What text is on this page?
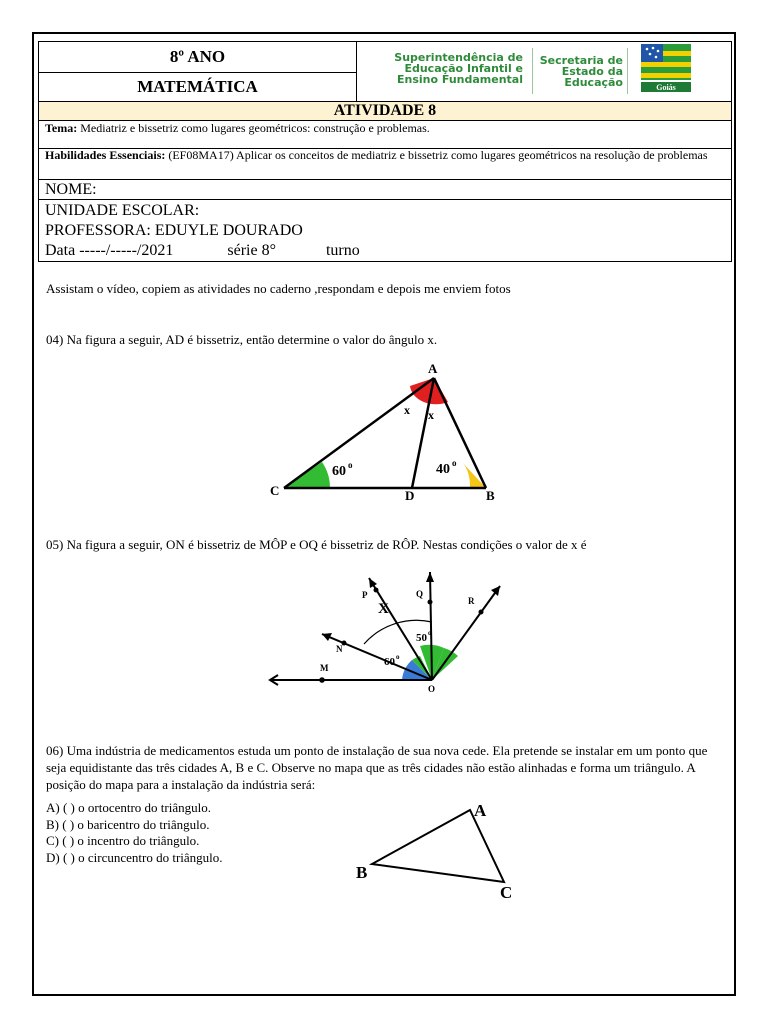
8º ANO	Superintendência de
Educação Infantil e
Ensino Fundamental
Secretaria de
Estado da
Educação	Goiás

MATEMÁTICA
ATIVIDADE 8
Tema: Mediatriz e bissetriz como lugares geométricos: construção e problemas.
Habilidades Essenciais: (EF08MA17) Aplicar os conceitos de mediatriz e bissetriz como lugares geométricos na resolução de problemas
NOME:

UNIDADE ESCOLAR:
PROFESSORA: EDUYLE DOURADO
Data -----/-----/2021	série 8°	turno
Assistam o vídeo, copiem as atividades no caderno ,respondam e depois me enviem fotos
04) Na figura a seguir, AD é bissetriz, então determine o valor do ângulo x.
A
B
C	D
x x
60 o	40 o
05) Na figura a seguir, ON é bissetriz de MÔP e OQ é bissetriz de RÔP. Nestas condições o valor de x é
P	Q
R
N
M
O
X
50 o
60 o
06) Uma indústria de medicamentos estuda um ponto de instalação de sua nova cede. Ela pretende se instalar em um ponto que seja equidistante das três cidades A, B e C. Observe no mapa que as três cidades não estão alinhadas e forma um triângulo. A posição do mapa para a instalação da indústria será:
A) ( ) o ortocentro do triângulo.
B) ( ) o baricentro do triângulo.
C) ( ) o incentro do triângulo.
D) ( ) o circuncentro do triângulo.
A
B
C
